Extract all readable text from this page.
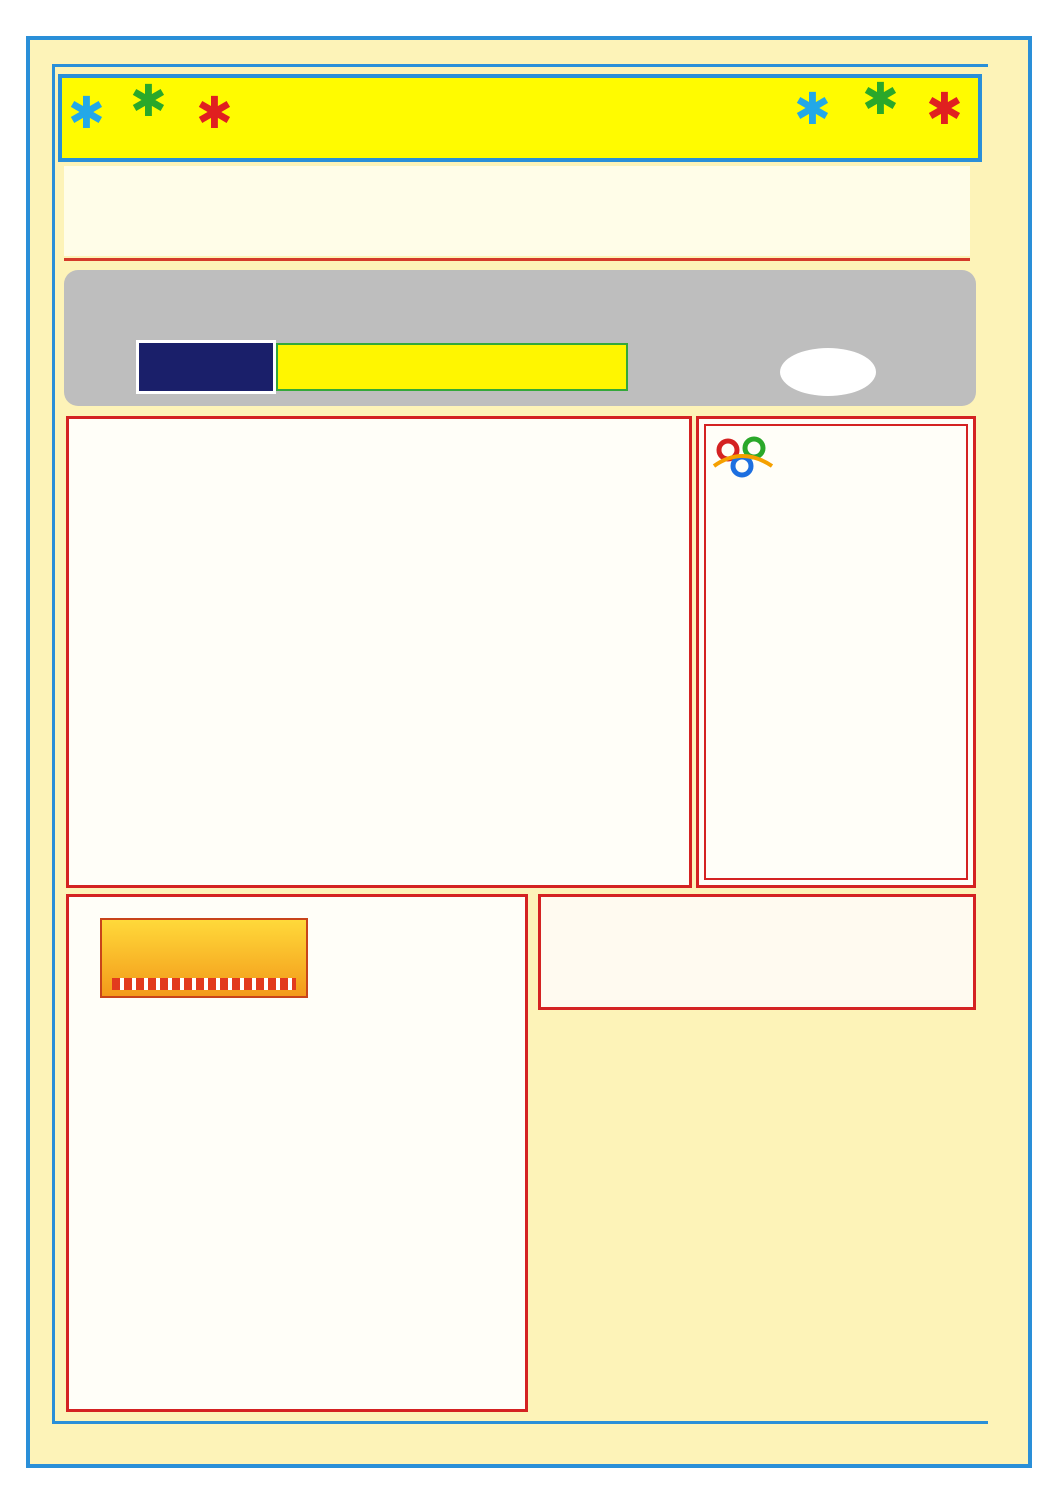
✱ ✱ ✱	✱ ✱ ✱
